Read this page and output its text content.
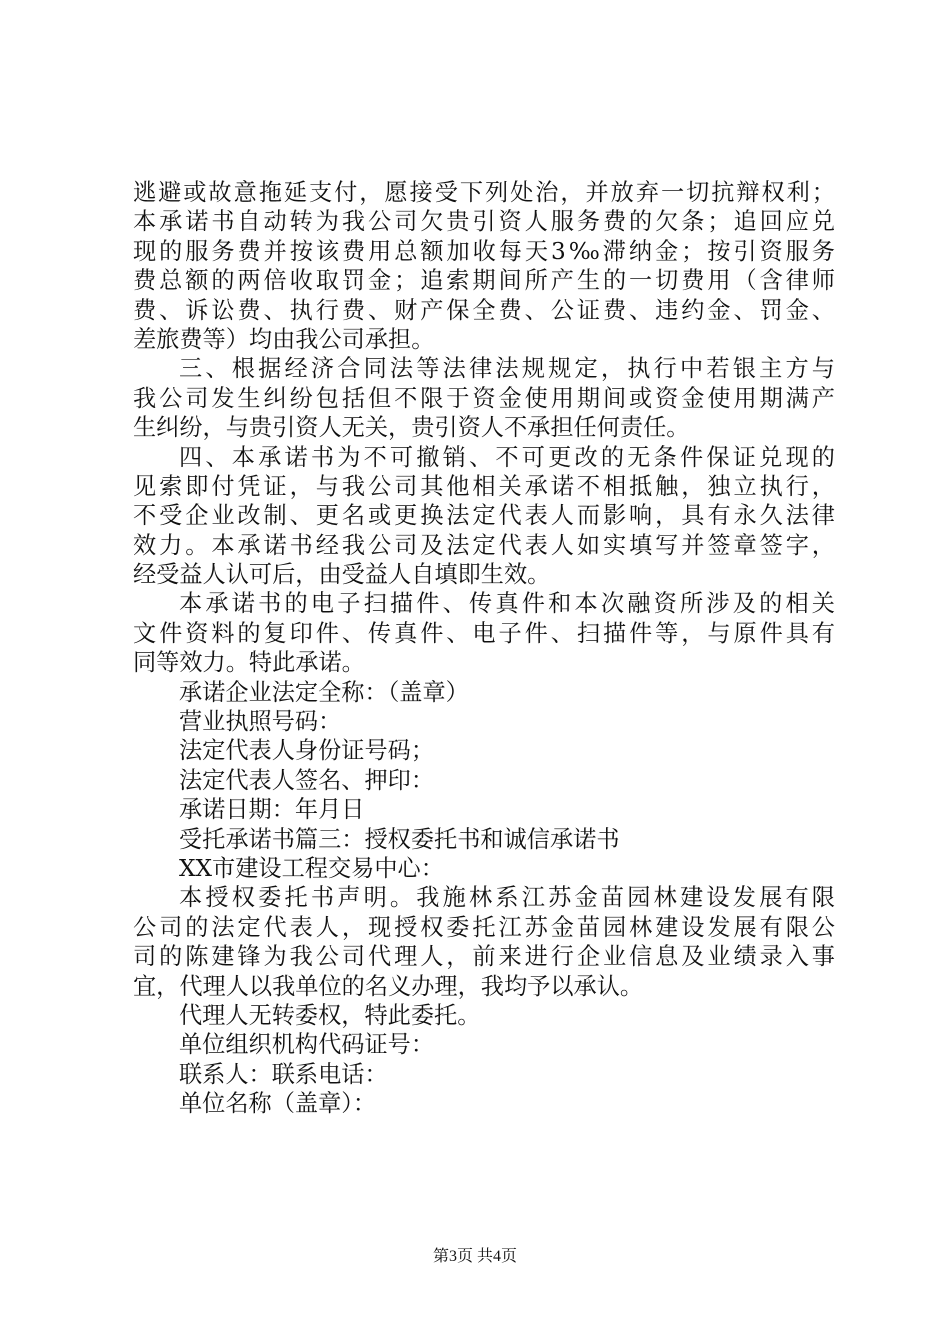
逃避或故意拖延支付，愿接受下列处治，并放弃一切抗辩权利；
本承诺书自动转为我公司欠贵引资人服务费的欠条；追回应兑
现的服务费并按该费用总额加收每天3‰滞纳金；按引资服务
费总额的两倍收取罚金；追索期间所产生的一切费用（含律师
费、诉讼费、执行费、财产保全费、公证费、违约金、罚金、
差旅费等）均由我公司承担。
三、根据经济合同法等法律法规规定，执行中若银主方与
我公司发生纠纷包括但不限于资金使用期间或资金使用期满产
生纠纷，与贵引资人无关，贵引资人不承担任何责任。
四、本承诺书为不可撤销、不可更改的无条件保证兑现的
见索即付凭证，与我公司其他相关承诺不相抵触，独立执行，
不受企业改制、更名或更换法定代表人而影响，具有永久法律
效力。本承诺书经我公司及法定代表人如实填写并签章签字，
经受益人认可后，由受益人自填即生效。
本承诺书的电子扫描件、传真件和本次融资所涉及的相关
文件资料的复印件、传真件、电子件、扫描件等，与原件具有
同等效力。特此承诺。
承诺企业法定全称：（盖章）
营业执照号码：
法定代表人身份证号码；
法定代表人签名、押印：
承诺日期：年月日
受托承诺书篇三：授权委托书和诚信承诺书
XX市建设工程交易中心：
本授权委托书声明。我施林系江苏金苗园林建设发展有限
公司的法定代表人，现授权委托江苏金苗园林建设发展有限公
司的陈建锋为我公司代理人，前来进行企业信息及业绩录入事
宜，代理人以我单位的名义办理，我均予以承认。
代理人无转委权，特此委托。
单位组织机构代码证号：
联系人：联系电话：
单位名称（盖章）：
第3页 共4页
